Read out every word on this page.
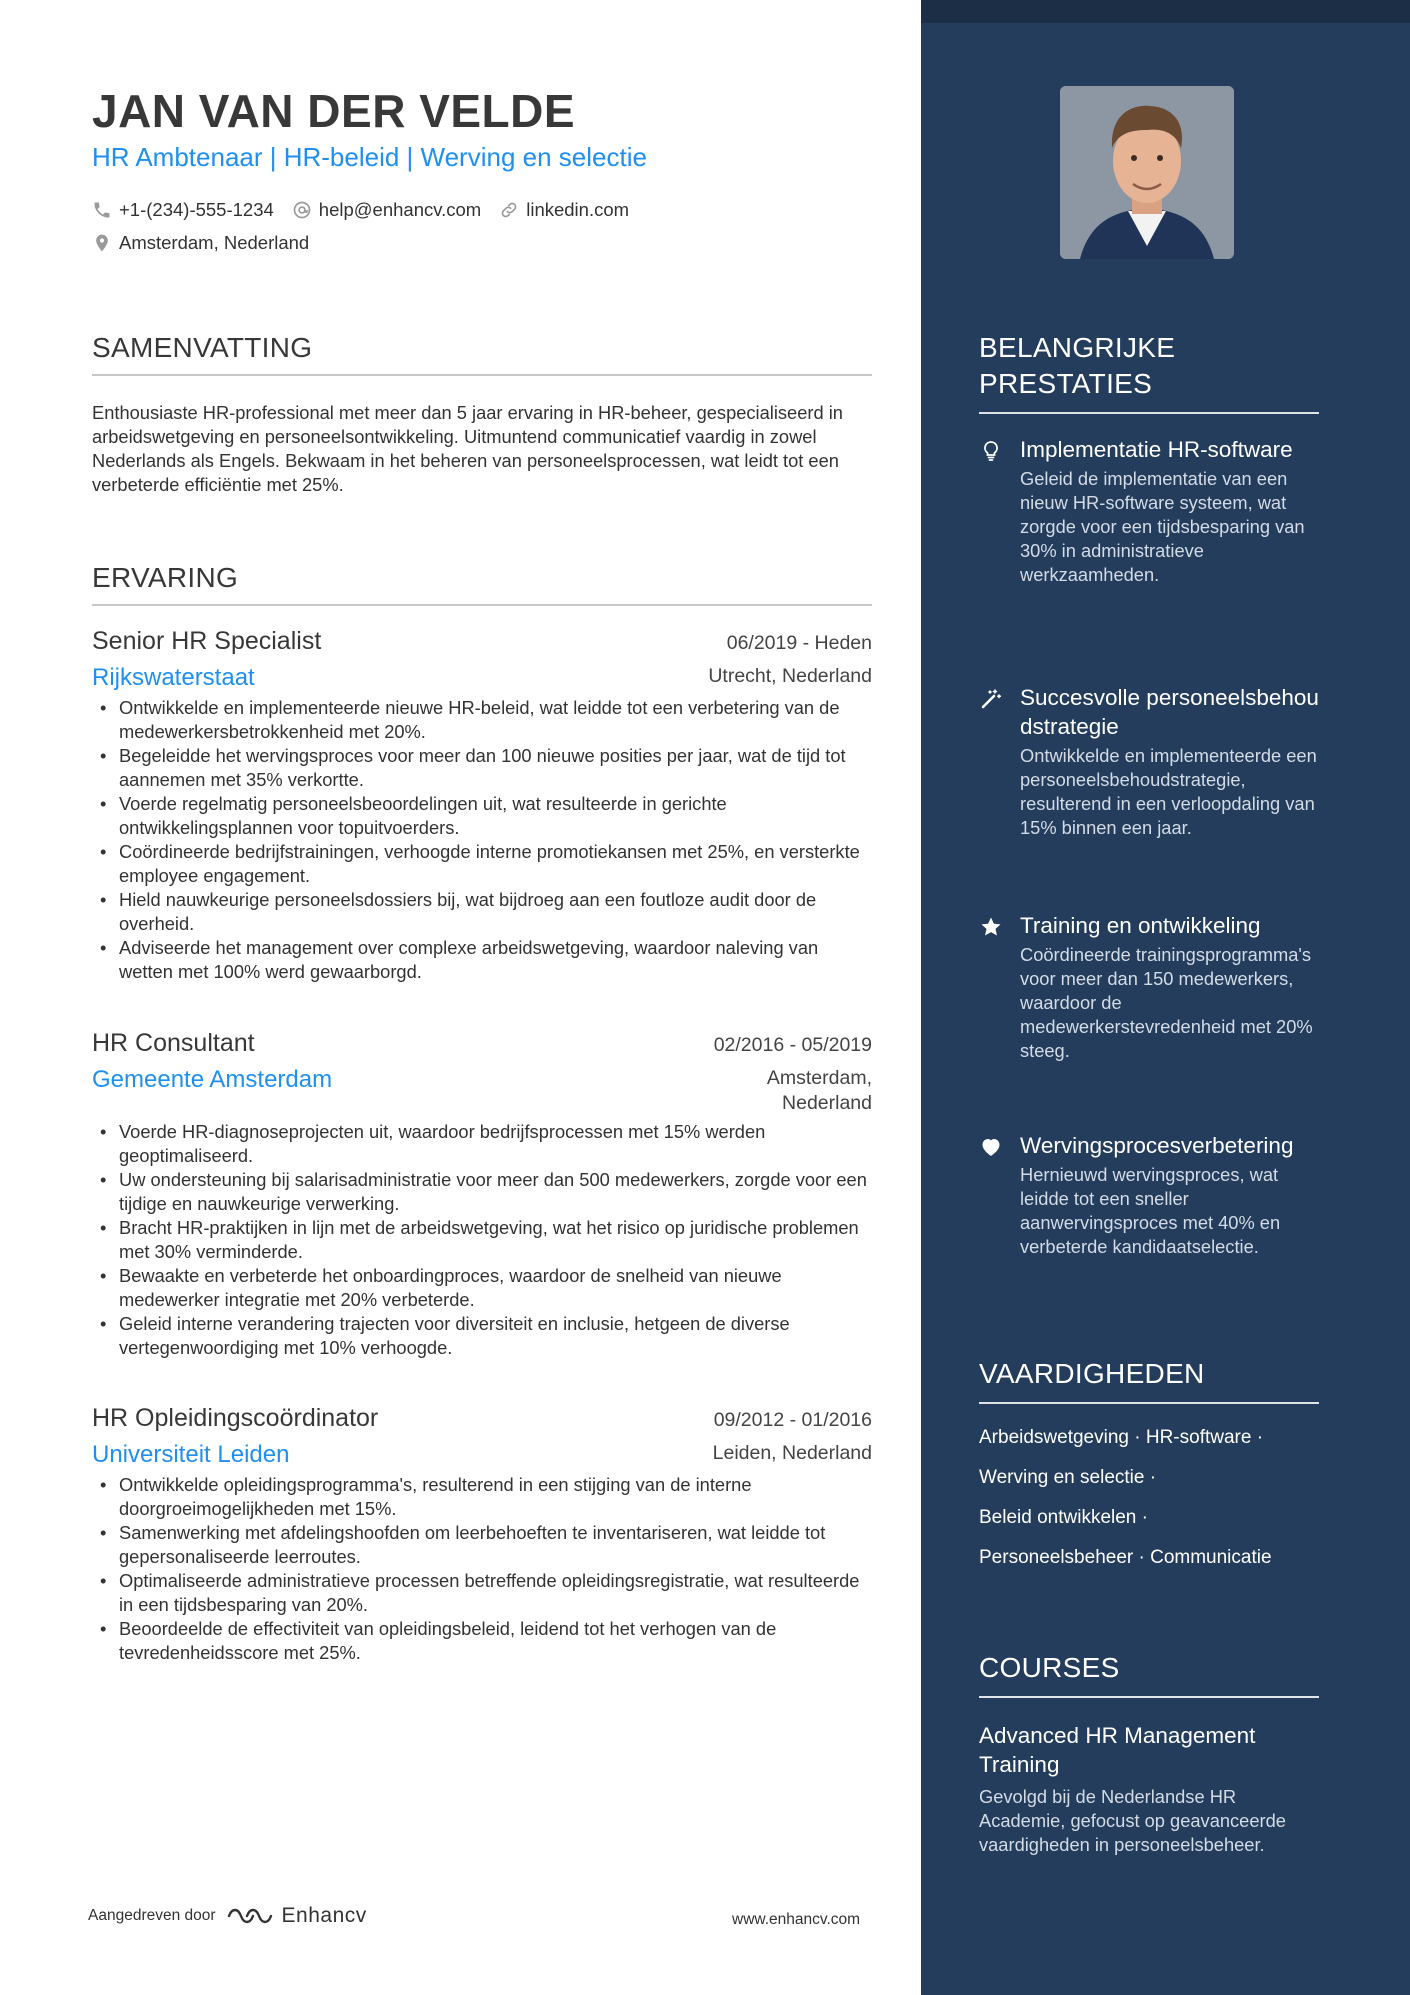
JAN VAN DER VELDE
HR Ambtenaar | HR-beleid | Werving en selectie
+1-(234)-555-1234 help@enhancv.com linkedin.com
Amsterdam, Nederland
SAMENVATTING
Enthousiaste HR-professional met meer dan 5 jaar ervaring in HR-beheer, gespecialiseerd in arbeidswetgeving en personeelsontwikkeling. Uitmuntend communicatief vaardig in zowel Nederlands als Engels. Bekwaam in het beheren van personeelsprocessen, wat leidt tot een verbeterde efficiëntie met 25%.
ERVARING
Senior HR Specialist	06/2019 - Heden
Rijkswaterstaat	Utrecht, Nederland
• Ontwikkelde en implementeerde nieuwe HR-beleid, wat leidde tot een verbetering van de medewerkersbetrokkenheid met 20%.
• Begeleidde het wervingsproces voor meer dan 100 nieuwe posities per jaar, wat de tijd tot aannemen met 35% verkortte.
• Voerde regelmatig personeelsbeoordelingen uit, wat resulteerde in gerichte ontwikkelingsplannen voor topuitvoerders.
• Coördineerde bedrijfstrainingen, verhoogde interne promotiekansen met 25%, en versterkte employee engagement.
• Hield nauwkeurige personeelsdossiers bij, wat bijdroeg aan een foutloze audit door de overheid.
• Adviseerde het management over complexe arbeidswetgeving, waardoor naleving van wetten met 100% werd gewaarborgd.
HR Consultant	02/2016 - 05/2019
Gemeente Amsterdam	Amsterdam,
Nederland
• Voerde HR-diagnoseprojecten uit, waardoor bedrijfsprocessen met 15% werden geoptimaliseerd.
• Uw ondersteuning bij salarisadministratie voor meer dan 500 medewerkers, zorgde voor een tijdige en nauwkeurige verwerking.
• Bracht HR-praktijken in lijn met de arbeidswetgeving, wat het risico op juridische problemen met 30% verminderde.
• Bewaakte en verbeterde het onboardingproces, waardoor de snelheid van nieuwe medewerker integratie met 20% verbeterde.
• Geleid interne verandering trajecten voor diversiteit en inclusie, hetgeen de diverse vertegenwoordiging met 10% verhoogde.
HR Opleidingscoördinator	09/2012 - 01/2016
Universiteit Leiden	Leiden, Nederland
• Ontwikkelde opleidingsprogramma's, resulterend in een stijging van de interne doorgroeimogelijkheden met 15%.
• Samenwerking met afdelingshoofden om leerbehoeften te inventariseren, wat leidde tot gepersonaliseerde leerroutes.
• Optimaliseerde administratieve processen betreffende opleidingsregistratie, wat resulteerde in een tijdsbesparing van 20%.
• Beoordeelde de effectiviteit van opleidingsbeleid, leidend tot het verhogen van de tevredenheidsscore met 25%.
Aangedreven door	Enhancv	www.enhancv.com
BELANGRIJKE
PRESTATIES
Implementatie HR-software
Geleid de implementatie van een nieuw HR-software systeem, wat zorgde voor een tijdsbesparing van 30% in administratieve werkzaamheden.
Succesvolle personeelsbehoudstrategie
Ontwikkelde en implementeerde een personeelsbehoudstrategie, resulterend in een verloopdaling van 15% binnen een jaar.
Training en ontwikkeling
Coördineerde trainingsprogramma's voor meer dan 150 medewerkers, waardoor de medewerkerstevredenheid met 20% steeg.
Wervingsprocesverbetering
Hernieuwd wervingsproces, wat leidde tot een sneller aanwervingsproces met 40% en verbeterde kandidaatselectie.
VAARDIGHEDEN
Arbeidswetgeving · HR-software ·
Werving en selectie ·
Beleid ontwikkelen ·
Personeelsbeheer · Communicatie
COURSES
Advanced HR Management Training
Gevolgd bij de Nederlandse HR Academie, gefocust op geavanceerde vaardigheden in personeelsbeheer.
